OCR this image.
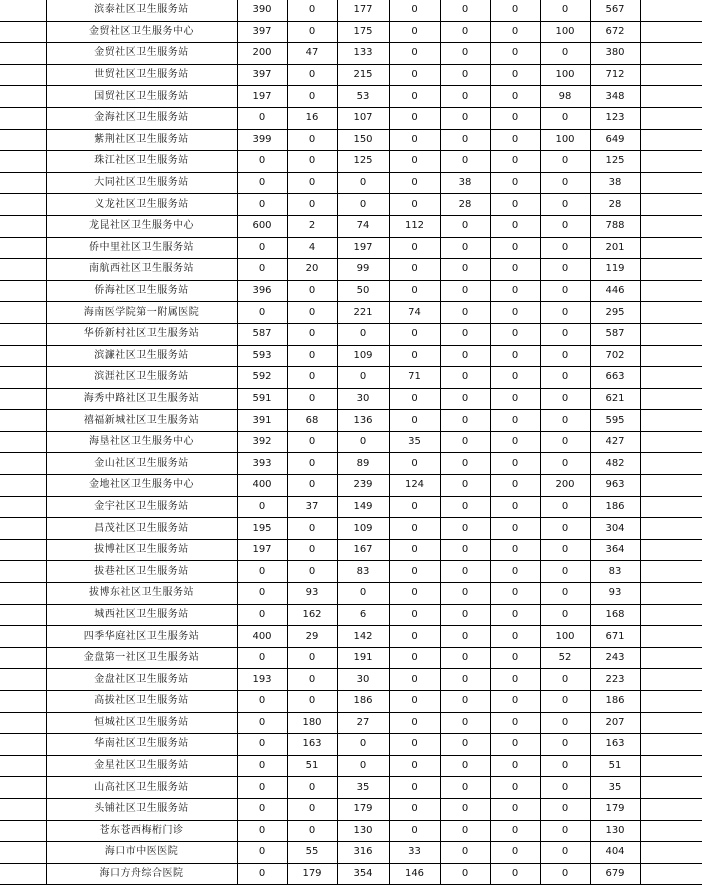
	滨泰社区卫生服务站	390	0	177	0	0	0	0	567	
	金贸社区卫生服务中心	397	0	175	0	0	0	100	672	
	金贸社区卫生服务站	200	47	133	0	0	0	0	380	
	世贸社区卫生服务站	397	0	215	0	0	0	100	712	
	国贸社区卫生服务站	197	0	53	0	0	0	98	348	
	金海社区卫生服务站	0	16	107	0	0	0	0	123	
	紫荆社区卫生服务站	399	0	150	0	0	0	100	649	
	珠江社区卫生服务站	0	0	125	0	0	0	0	125	
	大同社区卫生服务站	0	0	0	0	38	0	0	38	
	义龙社区卫生服务站	0	0	0	0	28	0	0	28	
	龙昆社区卫生服务中心	600	2	74	112	0	0	0	788	
	侨中里社区卫生服务站	0	4	197	0	0	0	0	201	
	南航西社区卫生服务站	0	20	99	0	0	0	0	119	
	侨海社区卫生服务站	396	0	50	0	0	0	0	446	
	海南医学院第一附属医院	0	0	221	74	0	0	0	295	
	华侨新村社区卫生服务站	587	0	0	0	0	0	0	587	
	滨濂社区卫生服务站	593	0	109	0	0	0	0	702	
	滨涯社区卫生服务站	592	0	0	71	0	0	0	663	
	海秀中路社区卫生服务站	591	0	30	0	0	0	0	621	
	禧福新城社区卫生服务站	391	68	136	0	0	0	0	595	
	海垦社区卫生服务中心	392	0	0	35	0	0	0	427	
	金山社区卫生服务站	393	0	89	0	0	0	0	482	
	金地社区卫生服务中心	400	0	239	124	0	0	200	963	
	金宇社区卫生服务站	0	37	149	0	0	0	0	186	
	昌茂社区卫生服务站	195	0	109	0	0	0	0	304	
	拔博社区卫生服务站	197	0	167	0	0	0	0	364	
	拔巷社区卫生服务站	0	0	83	0	0	0	0	83	
	拔博东社区卫生服务站	0	93	0	0	0	0	0	93	
	城西社区卫生服务站	0	162	6	0	0	0	0	168	
	四季华庭社区卫生服务站	400	29	142	0	0	0	100	671	
	金盘第一社区卫生服务站	0	0	191	0	0	0	52	243	
	金盘社区卫生服务站	193	0	30	0	0	0	0	223	
	高拔社区卫生服务站	0	0	186	0	0	0	0	186	
	恒城社区卫生服务站	0	180	27	0	0	0	0	207	
	华南社区卫生服务站	0	163	0	0	0	0	0	163	
	金星社区卫生服务站	0	51	0	0	0	0	0	51	
	山高社区卫生服务站	0	0	35	0	0	0	0	35	
	头铺社区卫生服务站	0	0	179	0	0	0	0	179	
	苍东苍西梅桁门诊	0	0	130	0	0	0	0	130	
	海口市中医医院	0	55	316	33	0	0	0	404	
	海口方舟综合医院	0	179	354	146	0	0	0	679	
